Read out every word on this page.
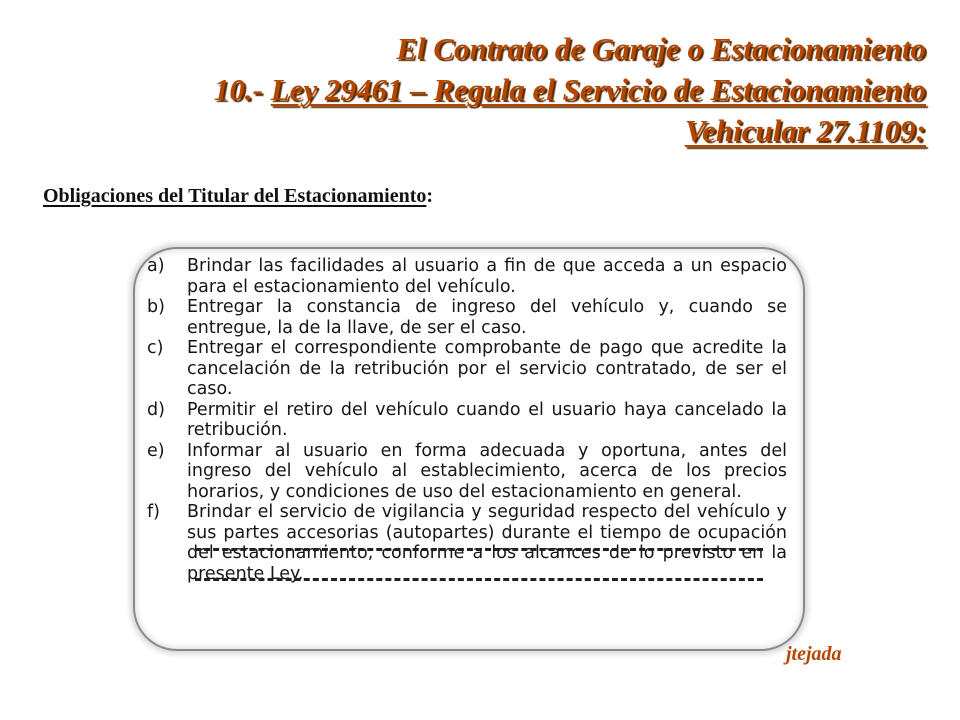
El Contrato de Garaje o Estacionamiento
10.- Ley 29461 – Regula el Servicio de Estacionamiento
Vehicular 27.1109:

Obligaciones del Titular del Estacionamiento:

a)	Brindar las facilidades al usuario a fin de que acceda a un espacio para el estacionamiento del vehículo.
b)	Entregar la constancia de ingreso del vehículo y, cuando se entregue, la de la llave, de ser el caso.
c)	Entregar el correspondiente comprobante de pago que acredite la cancelación de la retribución por el servicio contratado, de ser el caso.
d)	Permitir el retiro del vehículo cuando el usuario haya cancelado la retribución.
e)	Informar al usuario en forma adecuada y oportuna, antes del ingreso del vehículo al establecimiento, acerca de los precios horarios, y condiciones de uso del estacionamiento en general.
f)	Brindar el servicio de vigilancia y seguridad respecto del vehículo y sus partes accesorias (autopartes) durante el tiempo de ocupación del estacionamiento, conforme a los alcances de lo previsto en la presente Ley.
jtejada
